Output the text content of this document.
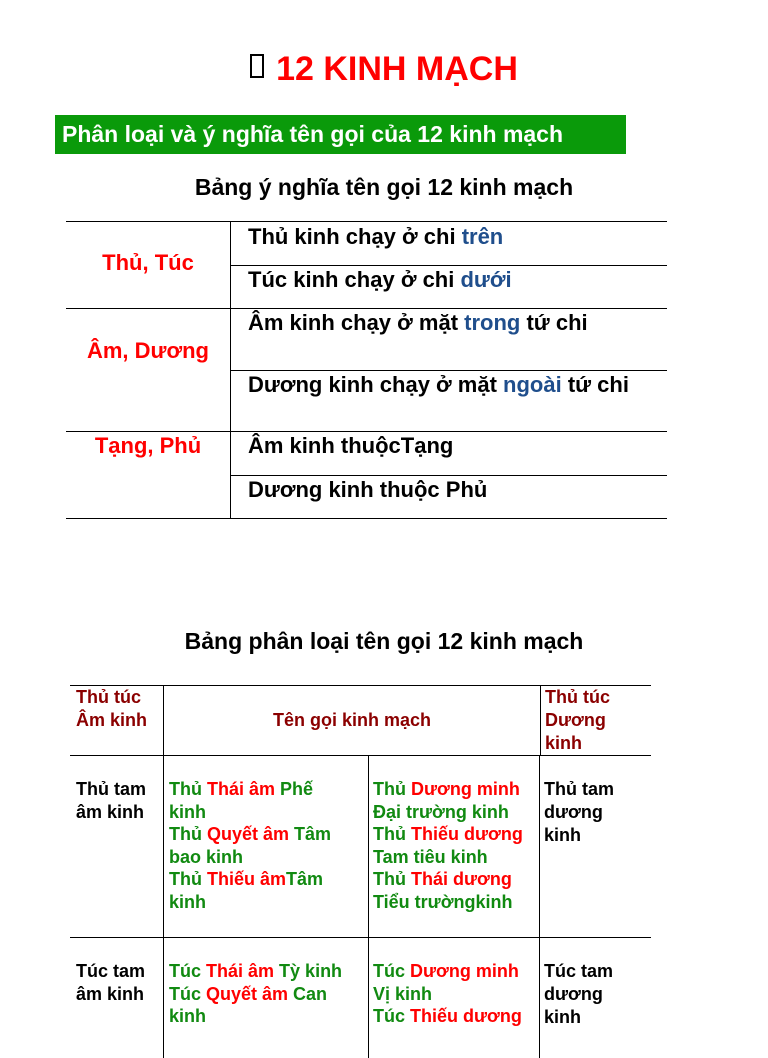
12 KINH MẠCH
Phân loại và ý nghĩa tên gọi của 12 kinh mạch
Bảng ý nghĩa tên gọi 12 kinh mạch
Thủ, Túc
Thủ kinh chạy ở chi trên
Túc kinh chạy ở chi dưới
Âm, Dương
Âm kinh chạy ở mặt trong tứ chi
Dương kinh chạy ở mặt ngoài tứ chi
Tạng, Phủ	Âm kinh thuộcTạng
Dương kinh thuộc Phủ
Bảng phân loại tên gọi 12 kinh mạch
Thủ túc
Âm kinh	Tên gọi kinh mạch
Thủ túc
Dương
kinh
Thủ tam
âm kinh
Thủ Thái âm Phế
kinh
Thủ Quyết âm Tâm
bao kinh
Thủ Thiếu âmTâm
kinh
Thủ Dương minh
Đại trường kinh
Thủ Thiếu dương
Tam tiêu kinh
Thủ Thái dương
Tiểu trườngkinh
Thủ tam
dương
kinh
Túc tam
âm kinh
Túc Thái âm Tỳ kinh
Túc Quyết âm Can
kinh
Túc Dương minh
Vị kinh
Túc Thiếu dương
Túc tam
dương
kinh
